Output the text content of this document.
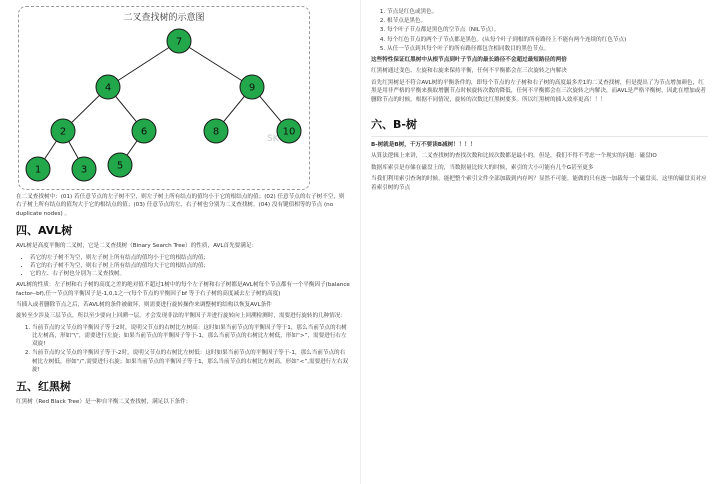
二叉查找树的示意图
SK
7
4	9
2	6	8	10
1	3	5

在二叉查找树中：(01) 若任意节点的左子树不空，则左子树上所有结点的值均小于它的根结点的值；(02) 任意节点的右子树不空，则右子树上所有结点的值均大于它的根结点的值；(03) 任意节点的左、右子树也分别为二叉查找树。(04) 没有键值相等的节点 (no duplicate nodes) 。

四、AVL树

AVL树是高度平衡的二叉树，它是二叉查找树（Binary Search Tree）的性质，AVL首先要满足：

• 若它的左子树不为空，则左子树上所有结点的值均小于它的根结点的值；
• 若它的右子树不为空，则右子树上所有结点的值均大于它的根结点的值；
• 它的左、右子树也分别为二叉查找树。

AVL树的性质：左子树和右子树的高度之差的绝对值不超过1树中的每个左子树和右子树都是AVL树每个节点都有一个平衡因子(balance factor--bf),任一节点的平衡因子是-1,0,1之一(每个节点的平衡因子bf 等于右子树的高度减去左子树的高度)

当插入或者删除节点之后，若AVL树的条件被破坏，则需要进行旋转操作来调整树的结构以恢复AVL条件

旋转至少涉及三层节点，所以至少要向上回溯一层，才会发现非法的平衡因子并进行旋转向上回溯检测时，需要进行旋转的几种情况：

1. 当前节点的父节点的平衡因子等于2时，说明父节点的右树比左树高：这时如果当前节点的平衡因子等于1，那么当前节点的右树比左树高，形如“\”，需要进行左旋；如果当前节点的平衡因子等于-1，那么当前节点的右树比左树低，形如“>”，需要进行右左双旋!
2. 当前节点的父节点的平衡因子等于-2时，说明父节点的右树比左树低：这时如果当前节点的平衡因子等于-1，那么当前节点的右树比左树低，形如“/”,需要进行右旋；如果当前节点的平衡因子等于1，那么当前节点的右树比左树高，形如“<”,需要进行左右双旋!
五、红黑树

红黑树（Red Black Tree）是一种自平衡二叉查找树，满足以下条件：

1. 节点是红色或黑色。
2. 根节点是黑色。
3. 每个叶子节点都是黑色的空节点（NIL节点）。
4. 每个红色节点的两个子节点都是黑色。(从每个叶子到根的所有路径上不能有两个连续的红色节点)
5. 从任一节点到其每个叶子的所有路径都包含相同数目的黑色节点。

这些特性保证红黑树中从根节点到叶子节点的最长路径不会超过最短路径的两倍

红黑树通过变色、左旋和右旋来保持平衡，任何不平衡都会在三次旋转之内解决

首先红黑树是不符合AVL树的平衡条件的，即每个节点的左子树和右子树的高度最多差1的二叉查找树，但是提出了为节点增加颜色，红黑是用非严格的平衡来换取增删节点时候旋转次数的降低，任何不平衡都会在三次旋转之内解决，而AVL是严格平衡树，因此在增加或者删除节点的时候，根据不同情况，旋转的次数比红黑树要多。所以红黑树的插入效率更高！！！

六、B-树

B-树就是B树，千万不要读B减树！！！！

从算法逻辑上来讲，二叉查找树的查找次数和比较次数都是最小的。但是，我们不得不考虑一个现实的问题：磁盘IO

数据库索引是存储在磁盘上的，当数据量比较大的时候，索引的大小可能有几个G甚至更多

当我们利用索引查询的时候，能把整个索引文件全部加载到内存吗？显然不可能。能做的只有逐一加载每一个磁盘页，这里的磁盘页对应着索引树的节点
